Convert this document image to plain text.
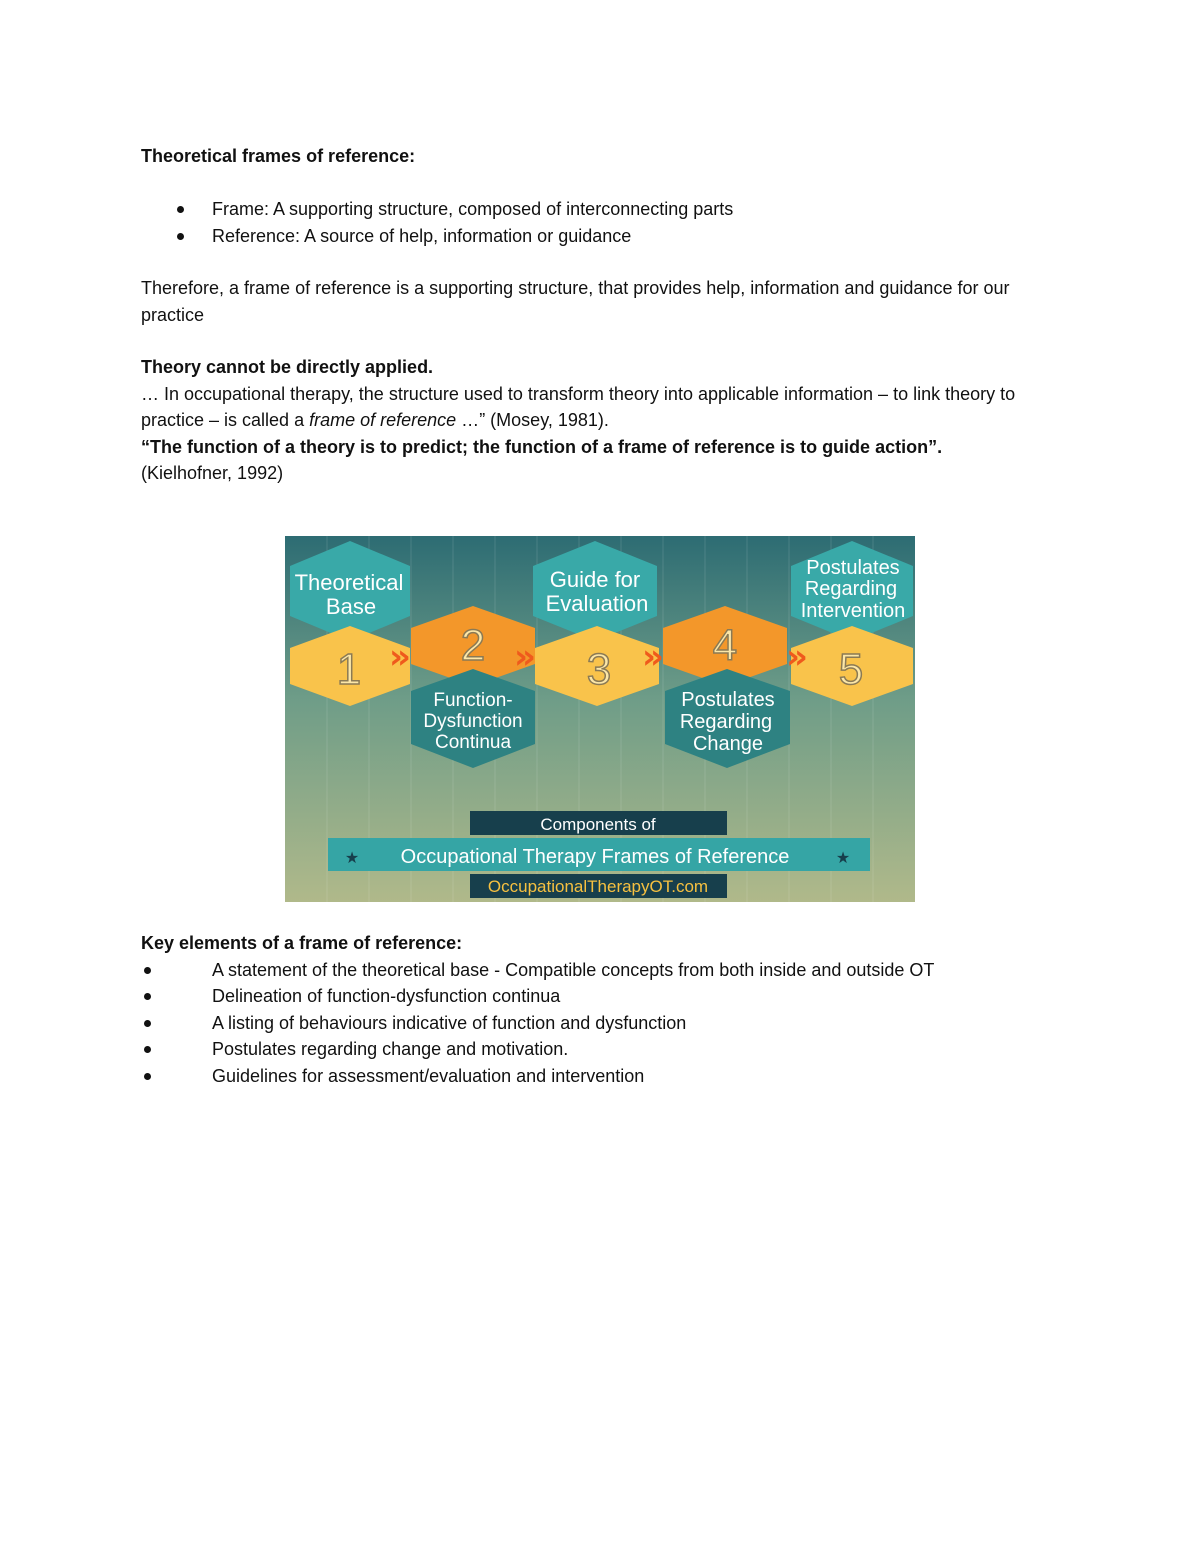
Theoretical frames of reference:

Frame: A supporting structure, composed of interconnecting parts
Reference: A source of help, information or guidance

Therefore, a frame of reference is a supporting structure, that provides help, information and guidance for our practice

Theory cannot be directly applied.

… In occupational therapy, the structure used to transform theory into applicable information – to link theory to practice – is called a frame of reference …” (Mosey, 1981).

“The function of a theory is to predict; the function of a frame of reference is to guide action”.

(Kielhofner, 1992)

Theoretical
Base
Guide for
Evaluation
Postulates
Regarding
Intervention
1 2 3 4 5
»	»	»	»
Function-
Dysfunction
Continua
Postulates
Regarding
Change
Components of
★	★
Occupational Therapy Frames of Reference
OccupationalTherapyOT.com

Key elements of a frame of reference:

A statement of the theoretical base - Compatible concepts from both inside and outside OT
Delineation of function-dysfunction continua
A listing of behaviours indicative of function and dysfunction
Postulates regarding change and motivation.
Guidelines for assessment/evaluation and intervention
